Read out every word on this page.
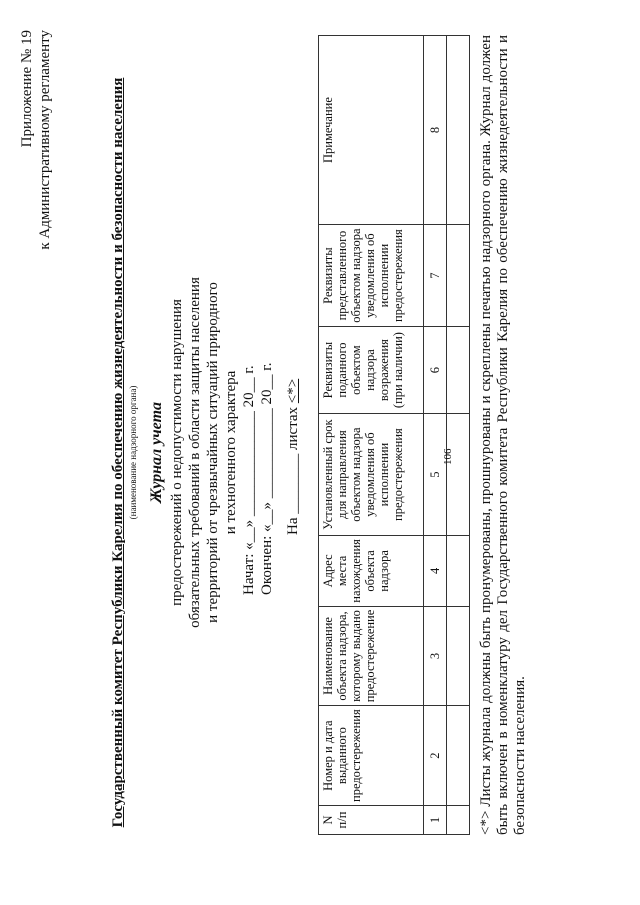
Приложение № 19 к Административному регламенту	Государственный комитет Республики Карелия по обеспечению жизнедеятельности и безопасности населения (наименование надзорного органа) Журнал учета предостережений о недопустимости нарушения обязательных требований в области защиты населения и территорий от чрезвычайных ситуаций природного и техногенного характера Начат: «__» ______________ 20__ г. Окончен: «__» ____________ 20__ г. На ________ листах <*>
N п/п	Номер и дата выданного предостережения	Наименование объекта надзора, которому выдано предостережение	Адрес места нахождения объекта надзора	Установленный срок для направления объектом надзора уведомления об исполнении предостережения	Реквизиты поданного объектом надзора возражения (при наличии)	Реквизиты представленного объектом надзора уведомления об исполнении предостережения	Примечание
1	2	3	4	5	6	7	8

106 <*> Листы журнала должны быть пронумерованы, прошнурованы и скреплены печатью надзорного органа. Журнал должен быть включен в номенклатуру дел Государственного комитета Республики Карелия по обеспечению жизнедеятельности и безопасности населения.
